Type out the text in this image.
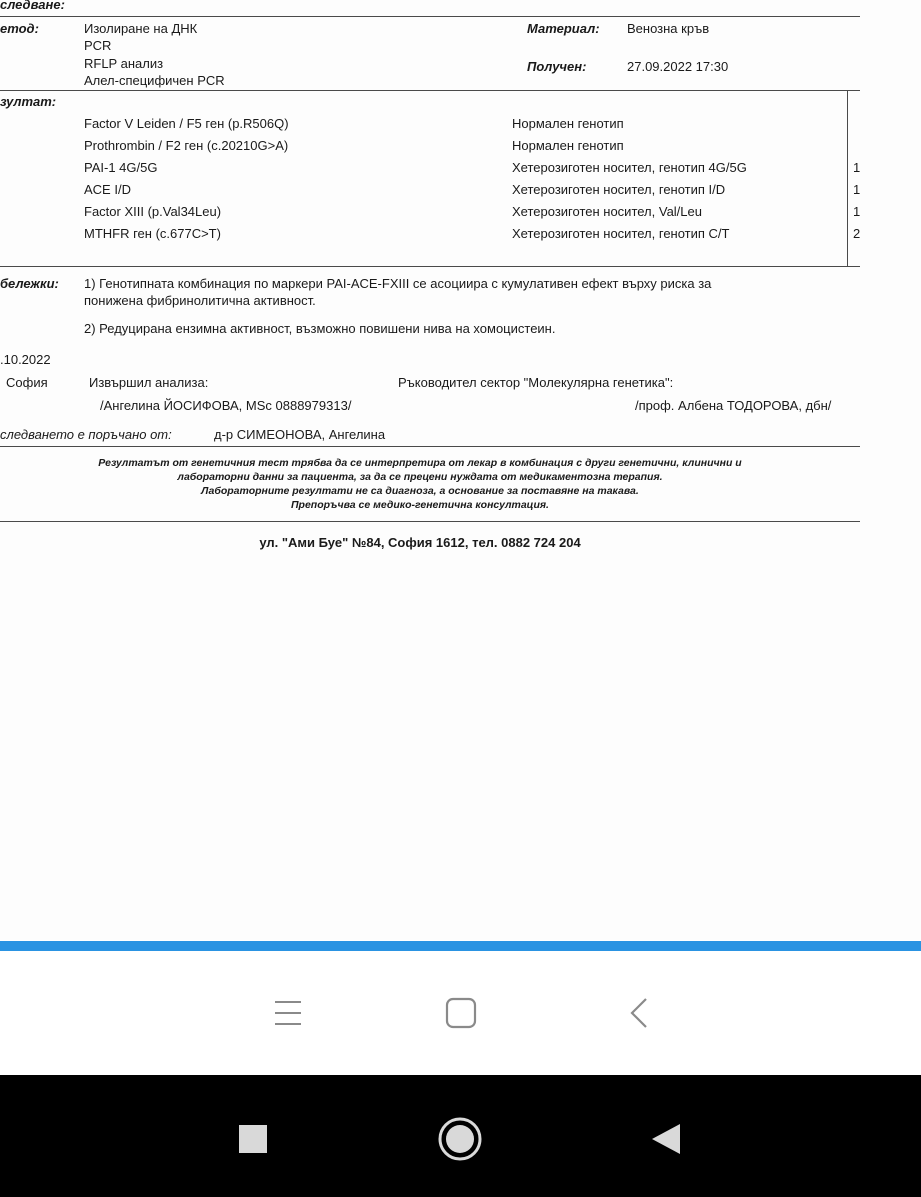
следване:
етод:	Изолиране на ДНК
PCR
RFLP анализ
Алел-специфичен PCR
Материал: Венозна кръв
Получен:	27.09.2022 17:30
зултат:
Factor V Leiden / F5 ген (p.R506Q)	Нормален генотип
Prothrombin / F2 ген (c.20210G>A)	Нормален генотип
PAI-1 4G/5G	Хетерозиготен носител, генотип 4G/5G	1
ACE I/D	Хетерозиготен носител, генотип I/D	1
Factor XIII (p.Val34Leu)	Хетерозиготен носител, Val/Leu	1
MTHFR ген (c.677C>T)	Хетерозиготен носител, генотип C/T	2
бележки: 1) Генотипната комбинация по маркери PAI-ACE-FXIII се асоциира с кумулативен ефект върху риска за
понижена фибринолитична активност.
2) Редуцирана ензимна активност, възможно повишени нива на хомоцистеин.
.10.2022
София	Извършил анализа:	Ръководител сектор "Молекулярна генетика":
/Ангелина ЙОСИФОВА, MSc 0888979313/	/проф. Албена ТОДОРОВА, дбн/
следването е поръчано от:	д-р СИМЕОНОВА, Ангелина
Резултатът от генетичния тест трябва да се интерпретира от лекар в комбинация с други генетични, клинични и
лабораторни данни за пациента, за да се прецени нуждата от медикаментозна терапия.
Лабораторните резултати не са диагноза, а основание за поставяне на такава.
Препоръчва се медико-генетична консултация.
ул. "Ами Буе" №84, София 1612, тел. 0882 724 204
